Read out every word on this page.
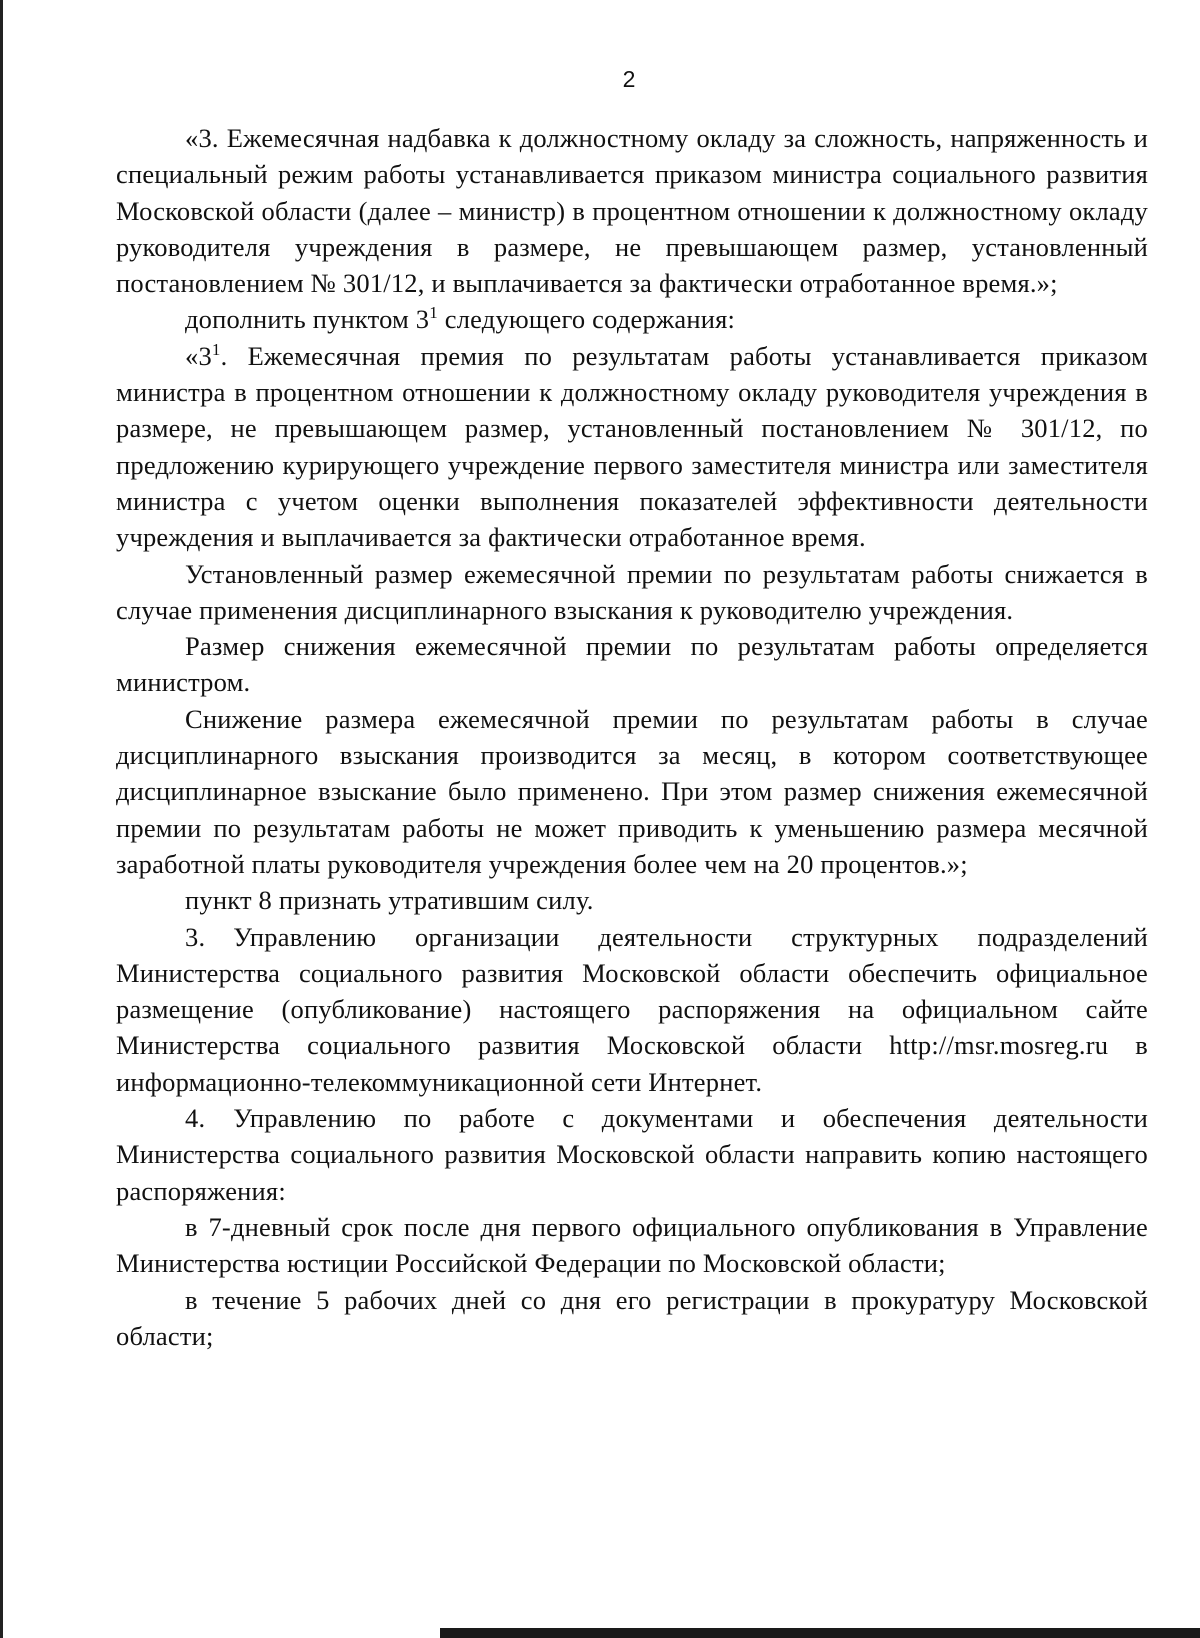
2

«3. Ежемесячная надбавка к должностному окладу за сложность, напряженность и специальный режим работы устанавливается приказом министра социального развития Московской области (далее – министр) в процентном отношении к должностному окладу руководителя учреждения в размере, не превышающем размер, установленный постановлением № 301/12, и выплачивается за фактически отработанное время.»;

дополнить пунктом $3^1$ следующего содержания:

«$3^1$. Ежемесячная премия по результатам работы устанавливается приказом министра в процентном отношении к должностному окладу руководителя учреждения в размере, не превышающем размер, установленный постановлением № 301/12, по предложению курирующего учреждение первого заместителя министра или заместителя министра с учетом оценки выполнения показателей эффективности деятельности учреждения и выплачивается за фактически отработанное время.

Установленный размер ежемесячной премии по результатам работы снижается в случае применения дисциплинарного взыскания к руководителю учреждения.

Размер снижения ежемесячной премии по результатам работы определяется министром.

Снижение размера ежемесячной премии по результатам работы в случае дисциплинарного взыскания производится за месяц, в котором соответствующее дисциплинарное взыскание было применено. При этом размер снижения ежемесячной премии по результатам работы не может приводить к уменьшению размера месячной заработной платы руководителя учреждения более чем на 20 процентов.»;

пункт 8 признать утратившим силу.

3. Управлению организации деятельности структурных подразделений Министерства социального развития Московской области обеспечить официальное размещение (опубликование) настоящего распоряжения на официальном сайте Министерства социального развития Московской области http://msr.mosreg.ru в информационно-телекоммуникационной сети Интернет.

4. Управлению по работе с документами и обеспечения деятельности Министерства социального развития Московской области направить копию настоящего распоряжения:

в 7-дневный срок после дня первого официального опубликования в Управление Министерства юстиции Российской Федерации по Московской области;

в течение 5 рабочих дней со дня его регистрации в прокуратуру Московской области;
